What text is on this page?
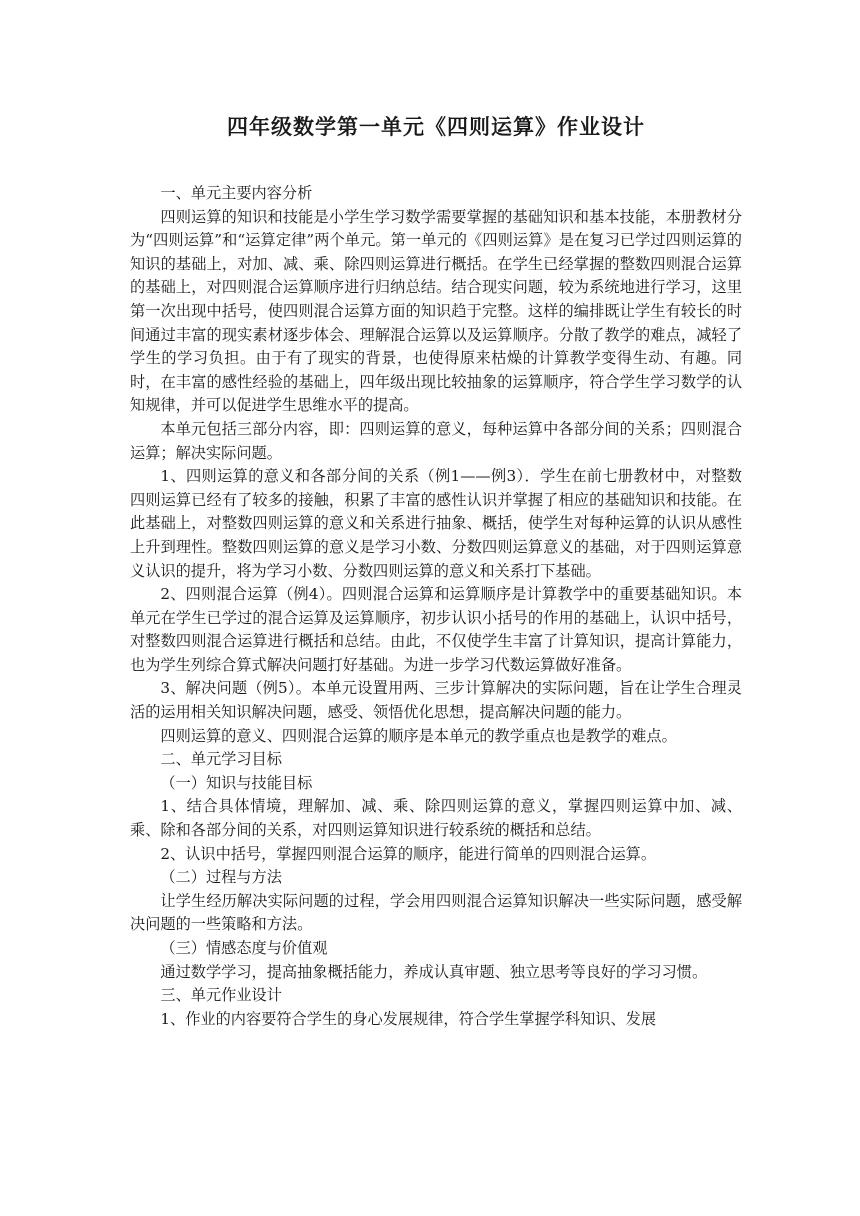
四年级数学第一单元《四则运算》作业设计

一、单元主要内容分析

四则运算的知识和技能是小学生学习数学需要掌握的基础知识和基本技能，本册教材分为“四则运算”和“运算定律”两个单元。第一单元的《四则运算》是在复习已学过四则运算的知识的基础上，对加、减、乘、除四则运算进行概括。在学生已经掌握的整数四则混合运算的基础上，对四则混合运算顺序进行归纳总结。结合现实问题，较为系统地进行学习，这里第一次出现中括号，使四则混合运算方面的知识趋于完整。这样的编排既让学生有较长的时间通过丰富的现实素材逐步体会、理解混合运算以及运算顺序。分散了教学的难点，减轻了学生的学习负担。由于有了现实的背景，也使得原来枯燥的计算教学变得生动、有趣。同时，在丰富的感性经验的基础上，四年级出现比较抽象的运算顺序，符合学生学习数学的认知规律，并可以促进学生思维水平的提高。

本单元包括三部分内容，即：四则运算的意义，每种运算中各部分间的关系；四则混合运算；解决实际问题。

1、四则运算的意义和各部分间的关系（例1——例3）．学生在前七册教材中，对整数四则运算已经有了较多的接触，积累了丰富的感性认识并掌握了相应的基础知识和技能。在此基础上，对整数四则运算的意义和关系进行抽象、概括，使学生对每种运算的认识从感性上升到理性。整数四则运算的意义是学习小数、分数四则运算意义的基础，对于四则运算意义认识的提升，将为学习小数、分数四则运算的意义和关系打下基础。

2、四则混合运算（例4）。四则混合运算和运算顺序是计算教学中的重要基础知识。本单元在学生已学过的混合运算及运算顺序，初步认识小括号的作用的基础上，认识中括号，对整数四则混合运算进行概括和总结。由此，不仅使学生丰富了计算知识，提高计算能力，也为学生列综合算式解决问题打好基础。为进一步学习代数运算做好准备。

3、解决问题（例5）。本单元设置用两、三步计算解决的实际问题，旨在让学生合理灵活的运用相关知识解决问题，感受、领悟优化思想，提高解决问题的能力。

四则运算的意义、四则混合运算的顺序是本单元的教学重点也是教学的难点。

二、单元学习目标

（一）知识与技能目标

1、结合具体情境，理解加、减、乘、除四则运算的意义，掌握四则运算中加、减、乘、除和各部分间的关系，对四则运算知识进行较系统的概括和总结。

2、认识中括号，掌握四则混合运算的顺序，能进行简单的四则混合运算。

（二）过程与方法

让学生经历解决实际问题的过程，学会用四则混合运算知识解决一些实际问题，感受解决问题的一些策略和方法。

（三）情感态度与价值观

通过数学学习，提高抽象概括能力，养成认真审题、独立思考等良好的学习习惯。

三、单元作业设计

1、作业的内容要符合学生的身心发展规律，符合学生掌握学科知识、发展
